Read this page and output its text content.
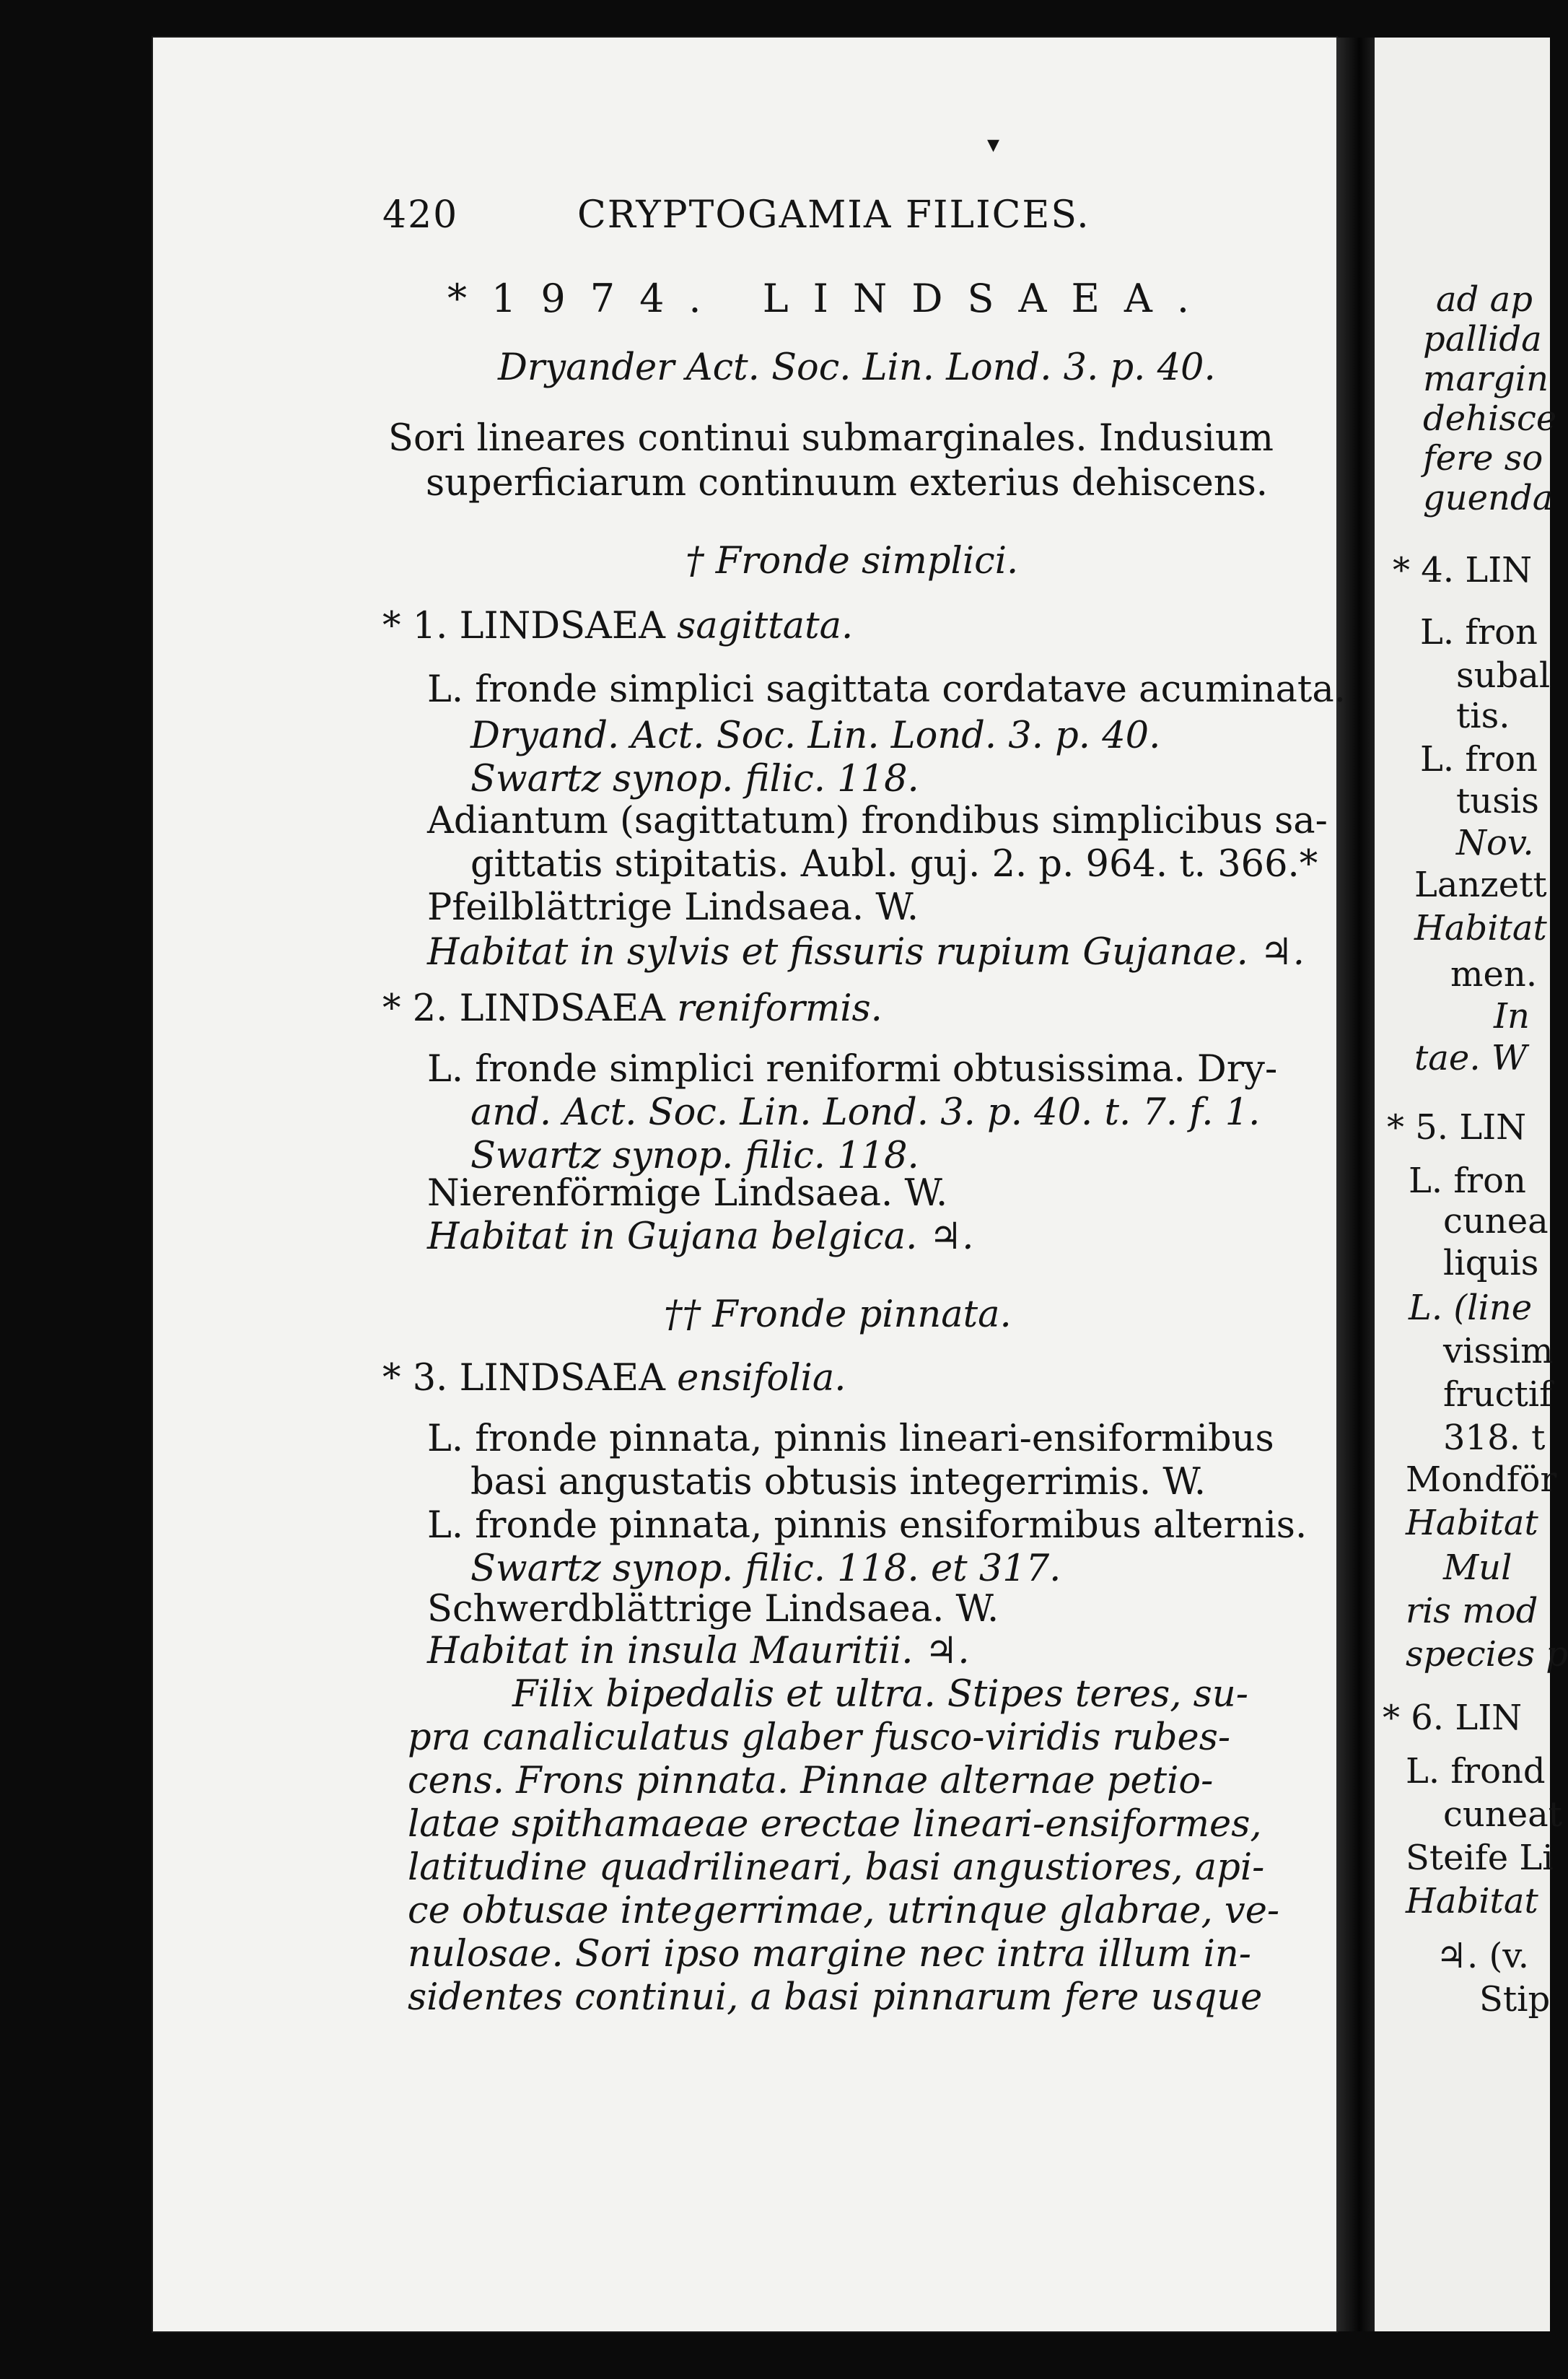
▾
420	CRYPTOGAMIA FILICES.
*1974. LINDSAEA.
Dryander Act. Soc. Lin. Lond. 3. p. 40.
Sori lineares continui submarginales. Indusium
superficiarum continuum exterius dehiscens.
† Fronde simplici.
* 1. LINDSAEA sagittata.
L. fronde simplici sagittata cordatave acuminata.
Dryand. Act. Soc. Lin. Lond. 3. p. 40.
Swartz synop. filic. 118.
Adiantum (sagittatum) frondibus simplicibus sa-
gittatis stipitatis. Aubl. guj. 2. p. 964. t. 366.*
Pfeilblättrige Lindsaea. W.
Habitat in sylvis et fissuris rupium Gujanae. ♃.
* 2. LINDSAEA reniformis.
L. fronde simplici reniformi obtusissima. Dry-
and. Act. Soc. Lin. Lond. 3. p. 40. t. 7. f. 1.
Swartz synop. filic. 118.
Nierenförmige Lindsaea. W.
Habitat in Gujana belgica. ♃.
†† Fronde pinnata.
* 3. LINDSAEA ensifolia.
L. fronde pinnata, pinnis lineari-ensiformibus
basi angustatis obtusis integerrimis. W.
L. fronde pinnata, pinnis ensiformibus alternis.
Swartz synop. filic. 118. et 317.
Schwerdblättrige Lindsaea. W.
Habitat in insula Mauritii. ♃.
Filix bipedalis et ultra. Stipes teres, su-
pra canaliculatus glaber fusco-viridis rubes-
cens. Frons pinnata. Pinnae alternae petio-
latae spithamaeae erectae lineari-ensiformes,
latitudine quadrilineari, basi angustiores, api-
ce obtusae integerrimae, utrinque glabrae, ve-
nulosae. Sori ipso margine nec intra illum in-
sidentes continui, a basi pinnarum fere usque
ad ap
pallida
margin
dehisce
fere so
guenda
* 4. LIN
L. fron
subal
tis.
L. fron
tusis
Nov.
Lanzett
Habitat
men.
In
tae. W
* 5. LIN
L. fron
cunea
liquis
L. (line
vissim
fructif
318. t
Mondför
Habitat
Mul
ris mod
species p
* 6. LIN
L. frond
cuneat
Steife Li
Habitat
♃. (v.
Stip
